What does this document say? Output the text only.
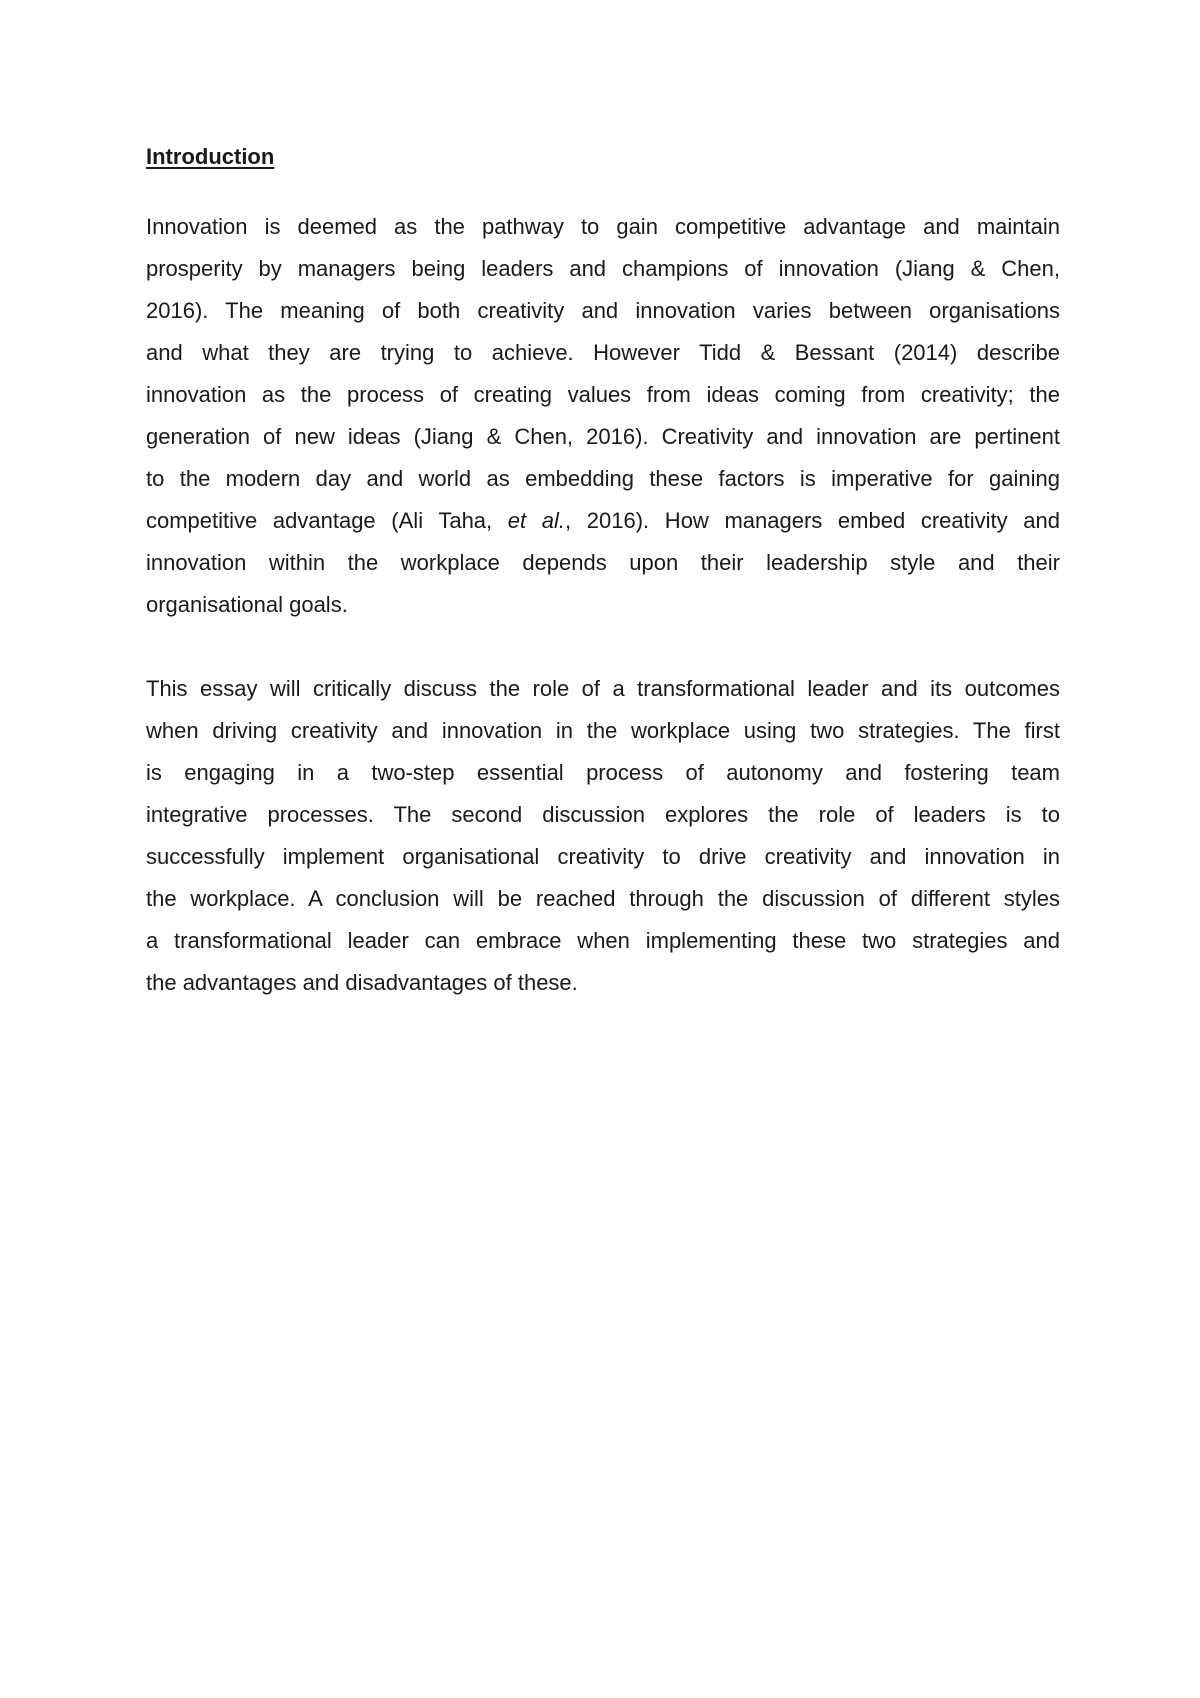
Introduction

Innovation is deemed as the pathway to gain competitive advantage and maintain
prosperity by managers being leaders and champions of innovation (Jiang & Chen,
2016). The meaning of both creativity and innovation varies between organisations
and what they are trying to achieve. However Tidd & Bessant (2014) describe
innovation as the process of creating values from ideas coming from creativity; the
generation of new ideas (Jiang & Chen, 2016). Creativity and innovation are pertinent
to the modern day and world as embedding these factors is imperative for gaining
competitive advantage (Ali Taha, et al., 2016). How managers embed creativity and
innovation within the workplace depends upon their leadership style and their
organisational goals.

This essay will critically discuss the role of a transformational leader and its outcomes
when driving creativity and innovation in the workplace using two strategies. The first
is engaging in a two-step essential process of autonomy and fostering team
integrative processes. The second discussion explores the role of leaders is to
successfully implement organisational creativity to drive creativity and innovation in
the workplace. A conclusion will be reached through the discussion of different styles
a transformational leader can embrace when implementing these two strategies and
the advantages and disadvantages of these.
